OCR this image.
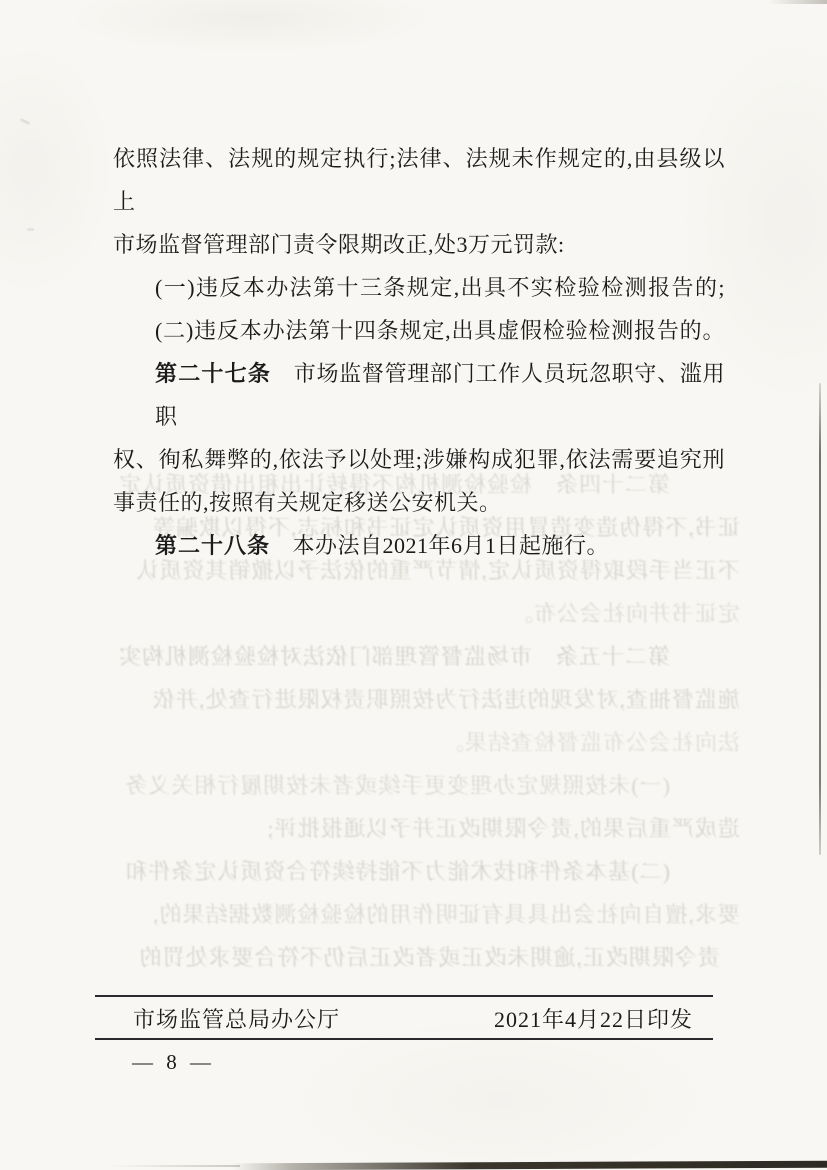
第二十四条　检验检测机构不得转让出租出借资质认定
证书,不得伪造变造冒用资质认定证书和标志,不得以欺骗等
不正当手段取得资质认定,情节严重的依法予以撤销其资质认
定证书并向社会公布。
第二十五条　市场监督管理部门依法对检验检测机构实
施监督抽查,对发现的违法行为按照职责权限进行查处,并依
法向社会公布监督检查结果。
(一)未按照规定办理变更手续或者未按期履行相关义务
造成严重后果的,责令限期改正并予以通报批评;
(二)基本条件和技术能力不能持续符合资质认定条件和
要求,擅自向社会出具具有证明作用的检验检测数据结果的,
责令限期改正,逾期未改正或者改正后仍不符合要求处罚的
依照法律、法规的规定执行;法律、法规未作规定的,由县级以上
市场监督管理部门责令限期改正,处3万元罚款:
(一)违反本办法第十三条规定,出具不实检验检测报告的;
(二)违反本办法第十四条规定,出具虚假检验检测报告的。
第二十七条　市场监督管理部门工作人员玩忽职守、滥用职
权、徇私舞弊的,依法予以处理;涉嫌构成犯罪,依法需要追究刑
事责任的,按照有关规定移送公安机关。
第二十八条　本办法自2021年6月1日起施行。
市场监管总局办公厅	2021年4月22日印发
— 8 —
